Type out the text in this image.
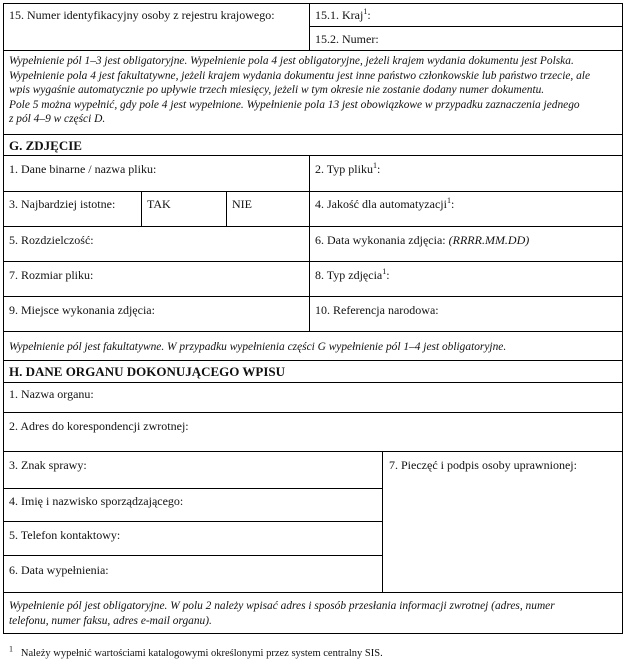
15. Numer identyfikacyjny osoby z rejestru krajowego:	15.1. Kraj$^1$:
15.2. Numer:
Wypełnienie pól 1–3 jest obligatoryjne. Wypełnienie pola 4 jest obligatoryjne, jeżeli krajem wydania dokumentu jest Polska.
Wypełnienie pola 4 jest fakultatywne, jeżeli krajem wydania dokumentu jest inne państwo członkowskie lub państwo trzecie, ale
wpis wygaśnie automatycznie po upływie trzech miesięcy, jeżeli w tym okresie nie zostanie dodany numer dokumentu.
Pole 5 można wypełnić, gdy pole 4 jest wypełnione. Wypełnienie pola 13 jest obowiązkowe w przypadku zaznaczenia jednego
z pól 4–9 w części D.
G. ZDJĘCIE
1. Dane binarne / nazwa pliku:	2. Typ pliku$^1$:
3. Najbardziej istotne:	TAK	NIE	4. Jakość dla automatyzacji$^1$:
5. Rozdzielczość:	6. Data wykonania zdjęcia: (RRRR.MM.DD)
7. Rozmiar pliku:	8. Typ zdjęcia$^1$:
9. Miejsce wykonania zdjęcia:	10. Referencja narodowa:
Wypełnienie pól jest fakultatywne. W przypadku wypełnienia części G wypełnienie pól 1–4 jest obligatoryjne.
H. DANE ORGANU DOKONUJĄCEGO WPISU
1. Nazwa organu:
2. Adres do korespondencji zwrotnej:
3. Znak sprawy:	7. Pieczęć i podpis osoby uprawnionej:
4. Imię i nazwisko sporządzającego:
5. Telefon kontaktowy:
6. Data wypełnienia:
Wypełnienie pól jest obligatoryjne. W polu 2 należy wpisać adres i sposób przesłania informacji zwrotnej (adres, numer
telefonu, numer faksu, adres e-mail organu).
$^1$ Należy wypełnić wartościami katalogowymi określonymi przez system centralny SIS.
